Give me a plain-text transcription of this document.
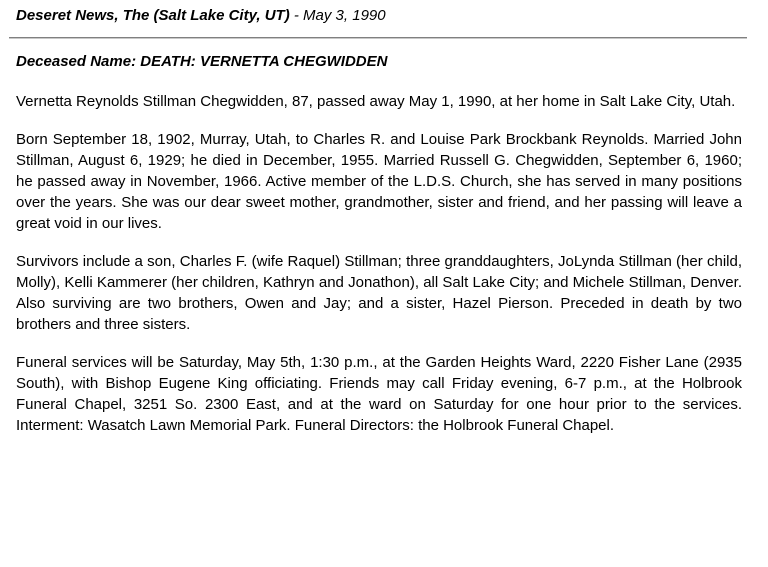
Deseret News, The (Salt Lake City, UT) - May 3, 1990
Deceased Name: DEATH: VERNETTA CHEGWIDDEN

Vernetta Reynolds Stillman Chegwidden, 87, passed away May 1, 1990, at her home in Salt Lake City, Utah.

Born September 18, 1902, Murray, Utah, to Charles R. and Louise Park Brockbank Reynolds. Married John Stillman, August 6, 1929; he died in December, 1955. Married Russell G. Chegwidden, September 6, 1960; he passed away in November, 1966. Active member of the L.D.S. Church, she has served in many positions over the years. She was our dear sweet mother, grandmother, sister and friend, and her passing will leave a great void in our lives.

Survivors include a son, Charles F. (wife Raquel) Stillman; three granddaughters, JoLynda Stillman (her child, Molly), Kelli Kammerer (her children, Kathryn and Jonathon), all Salt Lake City; and Michele Stillman, Denver. Also surviving are two brothers, Owen and Jay; and a sister, Hazel Pierson. Preceded in death by two brothers and three sisters.

Funeral services will be Saturday, May 5th, 1:30 p.m., at the Garden Heights Ward, 2220 Fisher Lane (2935 South), with Bishop Eugene King officiating. Friends may call Friday evening, 6-7 p.m., at the Holbrook Funeral Chapel, 3251 So. 2300 East, and at the ward on Saturday for one hour prior to the services. Interment: Wasatch Lawn Memorial Park. Funeral Directors: the Holbrook Funeral Chapel.
